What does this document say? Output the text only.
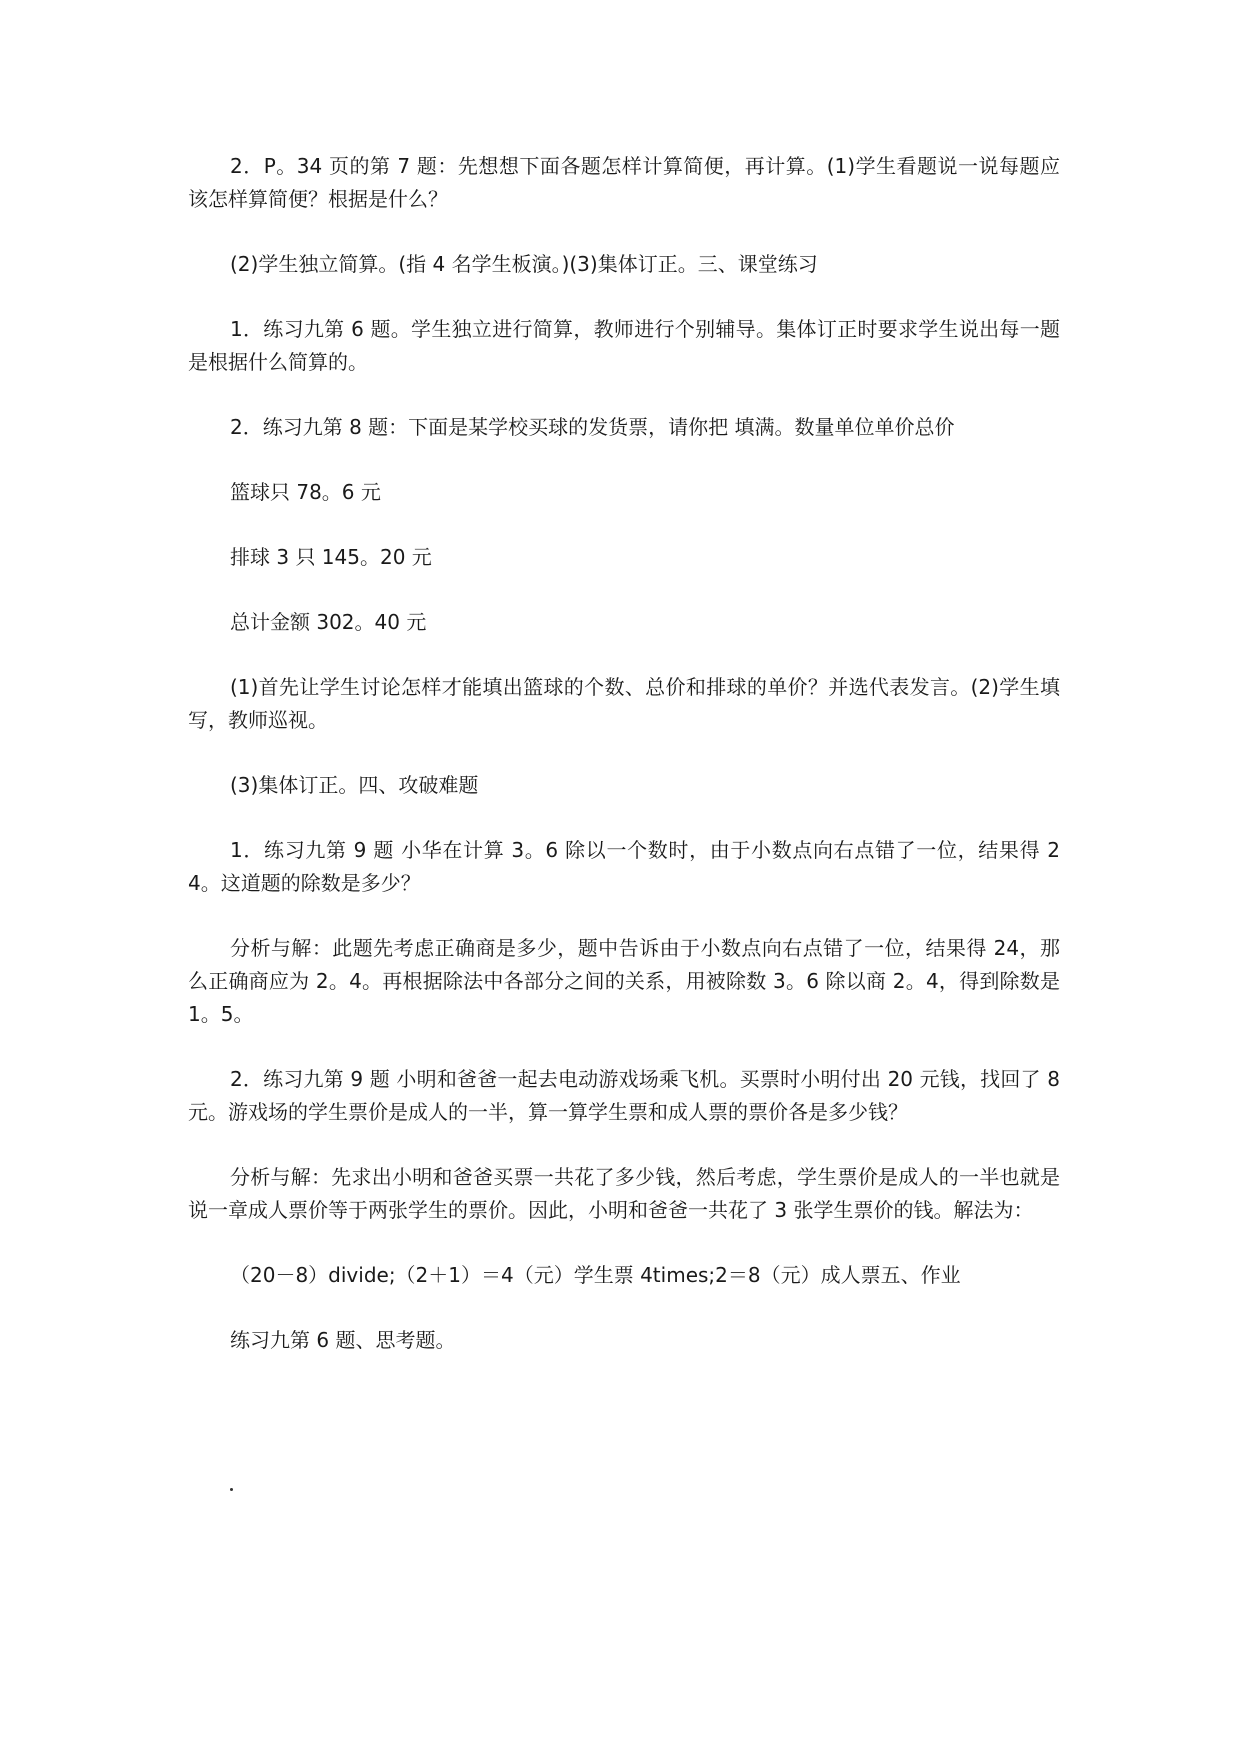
2．P。34 页的第 7 题：先想想下面各题怎样计算简便，再计算。(1)学生看题说一说每题应该怎样算简便？根据是什么？

(2)学生独立简算。(指 4 名学生板演。)(3)集体订正。三、课堂练习

1．练习九第 6 题。学生独立进行简算，教师进行个别辅导。集体订正时要求学生说出每一题是根据什么简算的。

2．练习九第 8 题：下面是某学校买球的发货票，请你把 填满。数量单位单价总价

篮球只 78。6 元

排球 3 只 145。20 元

总计金额 302。40 元

(1)首先让学生讨论怎样才能填出篮球的个数、总价和排球的单价？并选代表发言。(2)学生填写，教师巡视。

(3)集体订正。四、攻破难题

1．练习九第 9 题 小华在计算 3。6 除以一个数时，由于小数点向右点错了一位，结果得 24。这道题的除数是多少？

分析与解：此题先考虑正确商是多少，题中告诉由于小数点向右点错了一位，结果得 24，那么正确商应为 2。4。再根据除法中各部分之间的关系，用被除数 3。6 除以商 2。4，得到除数是 1。5。

2．练习九第 9 题 小明和爸爸一起去电动游戏场乘飞机。买票时小明付出 20 元钱，找回了 8 元。游戏场的学生票价是成人的一半，算一算学生票和成人票的票价各是多少钱？

分析与解：先求出小明和爸爸买票一共花了多少钱，然后考虑，学生票价是成人的一半也就是说一章成人票价等于两张学生的票价。因此，小明和爸爸一共花了 3 张学生票价的钱。解法为：

（20－8）divide;（2＋1）＝4（元）学生票 4times;2＝8（元）成人票五、作业

练习九第 6 题、思考题。
